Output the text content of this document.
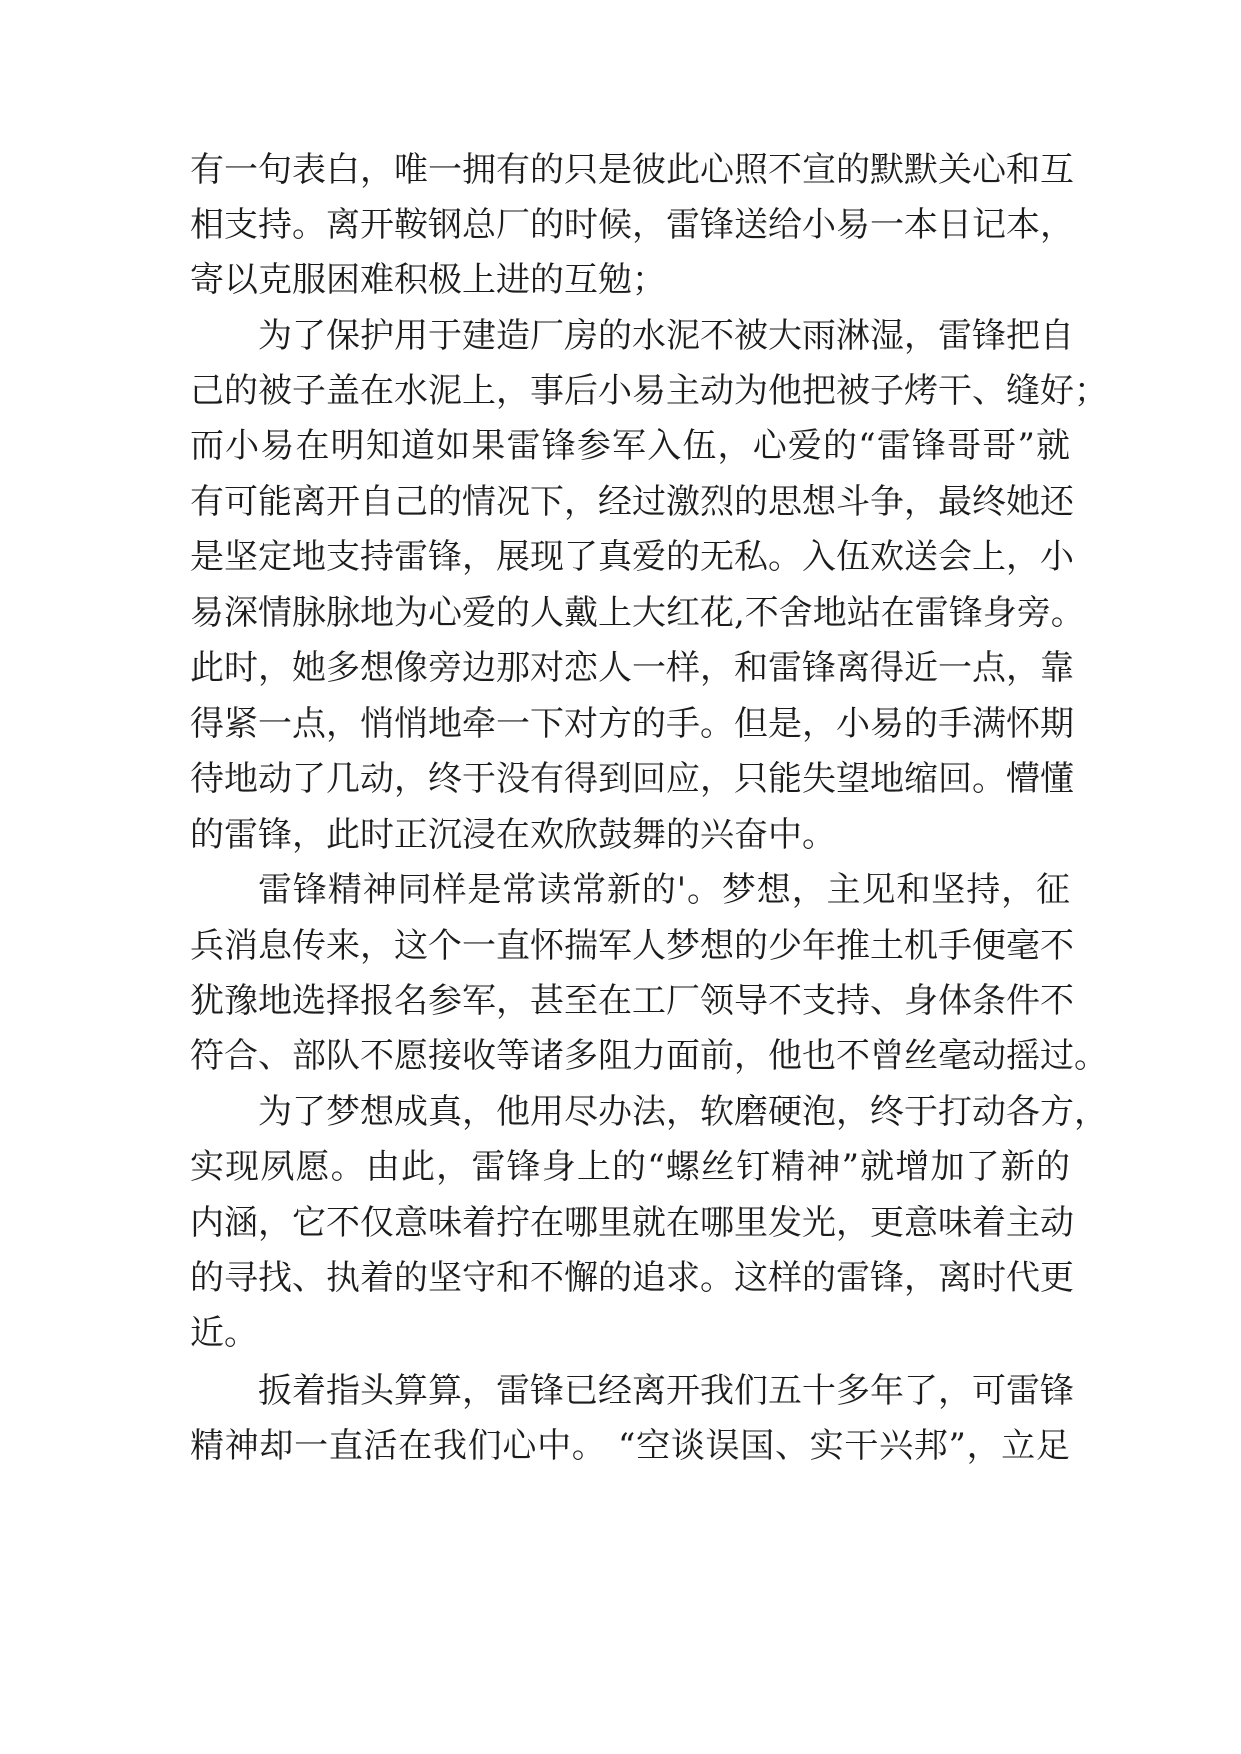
有一句表白，唯一拥有的只是彼此心照不宣的默默关心和互
相支持。离开鞍钢总厂的时候，雷锋送给小易一本日记本，
寄以克服困难积极上进的互勉；
为了保护用于建造厂房的水泥不被大雨淋湿，雷锋把自
己的被子盖在水泥上，事后小易主动为他把被子烤干、缝好；
而小易在明知道如果雷锋参军入伍，心爱的“雷锋哥哥”就
有可能离开自己的情况下，经过激烈的思想斗争，最终她还
是坚定地支持雷锋，展现了真爱的无私。入伍欢送会上，小
易深情脉脉地为心爱的人戴上大红花,不舍地站在雷锋身旁。
此时，她多想像旁边那对恋人一样，和雷锋离得近一点，靠
得紧一点，悄悄地牵一下对方的手。但是，小易的手满怀期
待地动了几动，终于没有得到回应，只能失望地缩回。懵懂
的雷锋，此时正沉浸在欢欣鼓舞的兴奋中。
雷锋精神同样是常读常新的'。梦想，主见和坚持，征
兵消息传来，这个一直怀揣军人梦想的少年推土机手便毫不
犹豫地选择报名参军，甚至在工厂领导不支持、身体条件不
符合、部队不愿接收等诸多阻力面前，他也不曾丝毫动摇过。
为了梦想成真，他用尽办法，软磨硬泡，终于打动各方，
实现夙愿。由此，雷锋身上的“螺丝钉精神”就增加了新的
内涵，它不仅意味着拧在哪里就在哪里发光，更意味着主动
的寻找、执着的坚守和不懈的追求。这样的雷锋，离时代更
近。
扳着指头算算，雷锋已经离开我们五十多年了，可雷锋
精神却一直活在我们心中。 “空谈误国、实干兴邦”，立足
